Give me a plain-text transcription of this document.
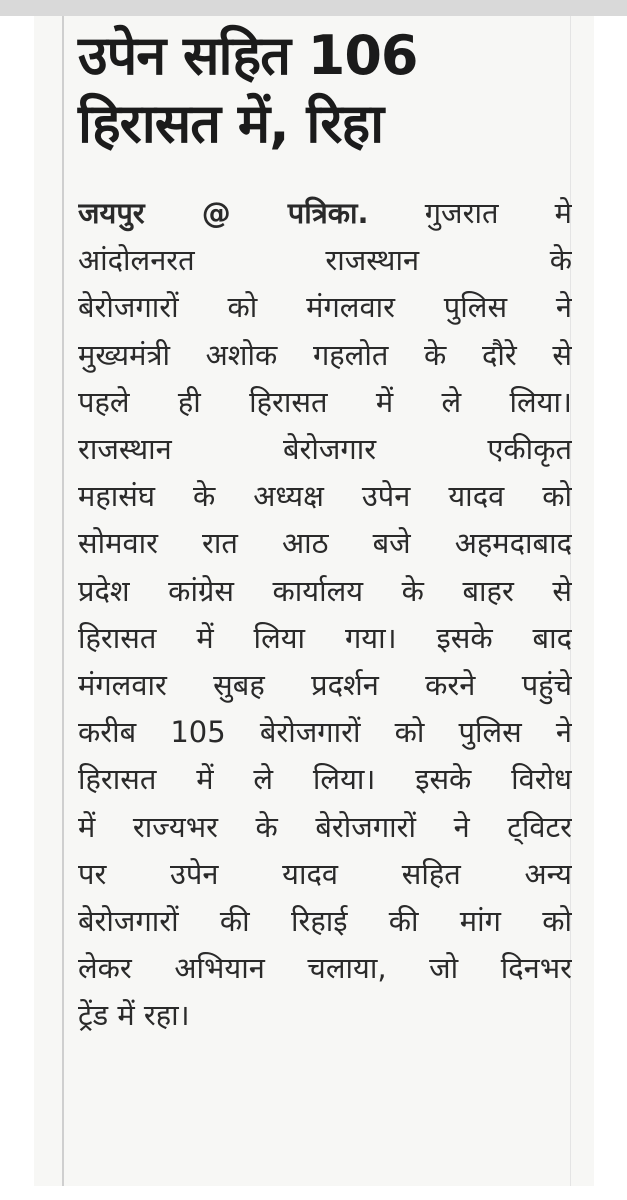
उपेन सहित 106
हिरासत में, रिहा
जयपुर @ पत्रिका. गुजरात मे
आंदोलनरत राजस्थान के
बेरोजगारों को मंगलवार पुलिस ने
मुख्यमंत्री अशोक गहलोत के दौरे से
पहले ही हिरासत में ले लिया।
राजस्थान बेरोजगार एकीकृत
महासंघ के अध्यक्ष उपेन यादव को
सोमवार रात आठ बजे अहमदाबाद
प्रदेश कांग्रेस कार्यालय के बाहर से
हिरासत में लिया गया। इसके बाद
मंगलवार सुबह प्रदर्शन करने पहुंचे
करीब 105 बेरोजगारों को पुलिस ने
हिरासत में ले लिया। इसके विरोध
में राज्यभर के बेरोजगारों ने ट्विटर
पर उपेन यादव सहित अन्य
बेरोजगारों की रिहाई की मांग को
लेकर अभियान चलाया, जो दिनभर
ट्रेंड में रहा।
